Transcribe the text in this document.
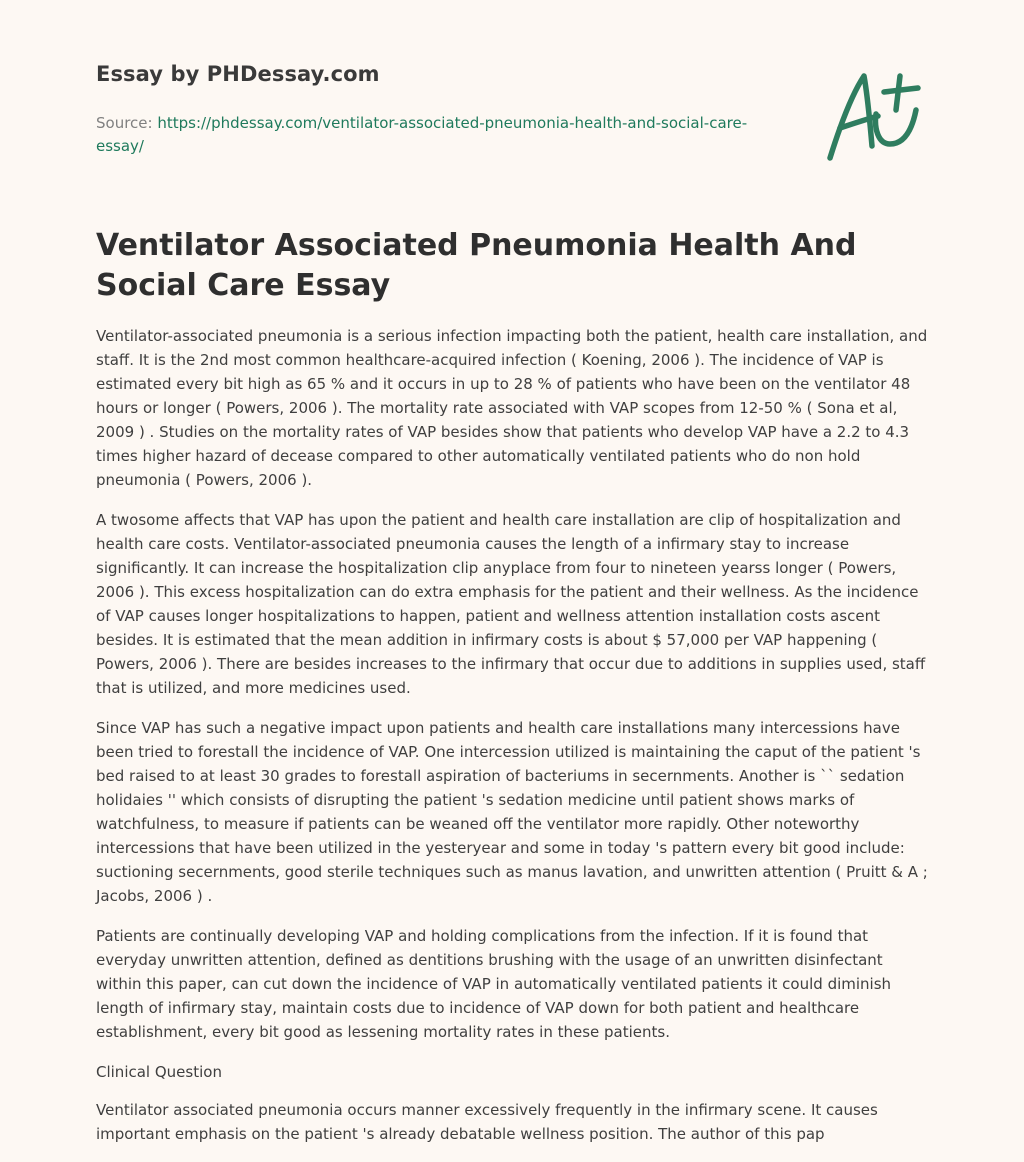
Essay by PHDessay.com
Source: https://phdessay.com/ventilator-associated-pneumonia-health-and-social-care-essay/
Ventilator Associated Pneumonia Health And Social Care Essay

Ventilator-associated pneumonia is a serious infection impacting both the patient, health care installation, and staff. It is the 2nd most common healthcare-acquired infection ( Koening, 2006 ). The incidence of VAP is estimated every bit high as 65 % and it occurs in up to 28 % of patients who have been on the ventilator 48 hours or longer ( Powers, 2006 ). The mortality rate associated with VAP scopes from 12-50 % ( Sona et al, 2009 ) . Studies on the mortality rates of VAP besides show that patients who develop VAP have a 2.2 to 4.3 times higher hazard of decease compared to other automatically ventilated patients who do non hold pneumonia ( Powers, 2006 ).

A twosome affects that VAP has upon the patient and health care installation are clip of hospitalization and health care costs. Ventilator-associated pneumonia causes the length of a infirmary stay to increase significantly. It can increase the hospitalization clip anyplace from four to nineteen yearss longer ( Powers, 2006 ). This excess hospitalization can do extra emphasis for the patient and their wellness. As the incidence of VAP causes longer hospitalizations to happen, patient and wellness attention installation costs ascent besides. It is estimated that the mean addition in infirmary costs is about $ 57,000 per VAP happening ( Powers, 2006 ). There are besides increases to the infirmary that occur due to additions in supplies used, staff that is utilized, and more medicines used.

Since VAP has such a negative impact upon patients and health care installations many intercessions have been tried to forestall the incidence of VAP. One intercession utilized is maintaining the caput of the patient 's bed raised to at least 30 grades to forestall aspiration of bacteriums in secernments. Another is `` sedation holidaies '' which consists of disrupting the patient 's sedation medicine until patient shows marks of watchfulness, to measure if patients can be weaned off the ventilator more rapidly. Other noteworthy intercessions that have been utilized in the yesteryear and some in today 's pattern every bit good include: suctioning secernments, good sterile techniques such as manus lavation, and unwritten attention ( Pruitt & A ; Jacobs, 2006 ) .

Patients are continually developing VAP and holding complications from the infection. If it is found that everyday unwritten attention, defined as dentitions brushing with the usage of an unwritten disinfectant within this paper, can cut down the incidence of VAP in automatically ventilated patients it could diminish length of infirmary stay, maintain costs due to incidence of VAP down for both patient and healthcare establishment, every bit good as lessening mortality rates in these patients.

Clinical Question

Ventilator associated pneumonia occurs manner excessively frequently in the infirmary scene. It causes important emphasis on the patient 's already debatable wellness position. The author of this pap
